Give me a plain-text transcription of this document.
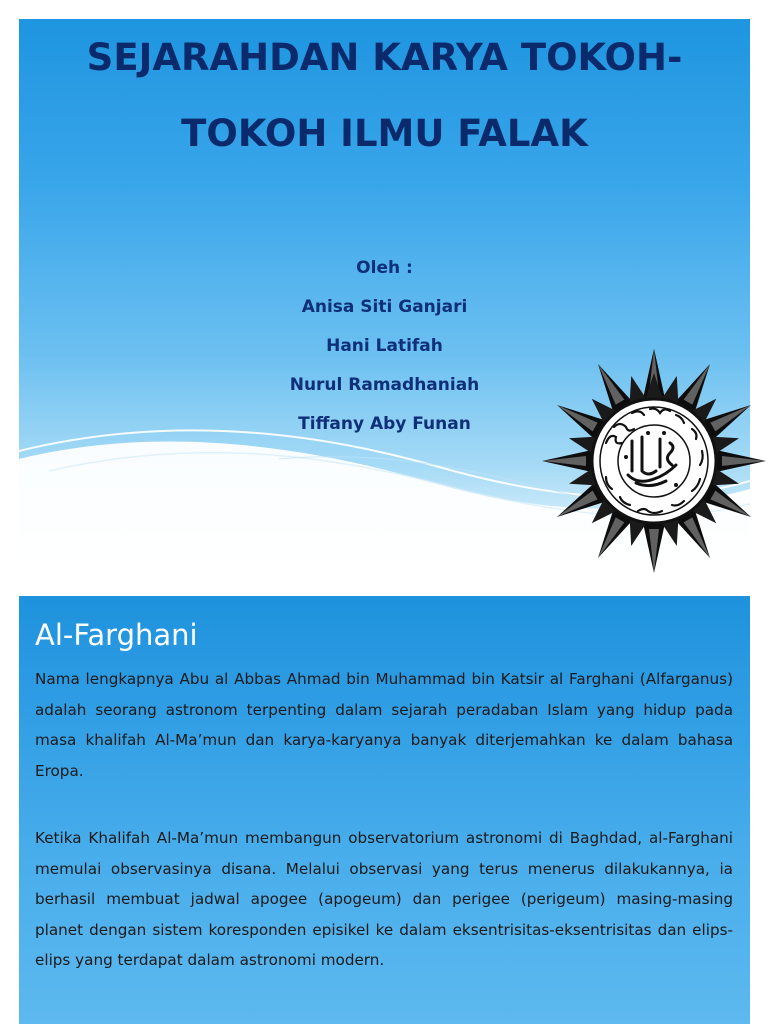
SEJARAHDAN KARYA TOKOH-
TOKOH ILMU FALAK
Oleh :
Anisa Siti Ganjari
Hani Latifah
Nurul Ramadhaniah
Tiffany Aby Funan
Al-Farghani

Nama lengkapnya Abu al Abbas Ahmad bin Muhammad bin Katsir al Farghani (Alfarganus) adalah seorang astronom terpenting dalam sejarah peradaban Islam yang hidup pada masa khalifah Al-Ma’mun dan karya-karyanya banyak diterjemahkan ke dalam bahasa Eropa.

Ketika Khalifah Al-Ma’mun membangun observatorium astronomi di Baghdad, al-Farghani memulai observasinya disana. Melalui observasi yang terus menerus dilakukannya, ia berhasil membuat jadwal apogee (apogeum) dan perigee (perigeum) masing-masing planet dengan sistem koresponden episikel ke dalam eksentrisitas-eksentrisitas dan elips-elips yang terdapat dalam astronomi modern.
